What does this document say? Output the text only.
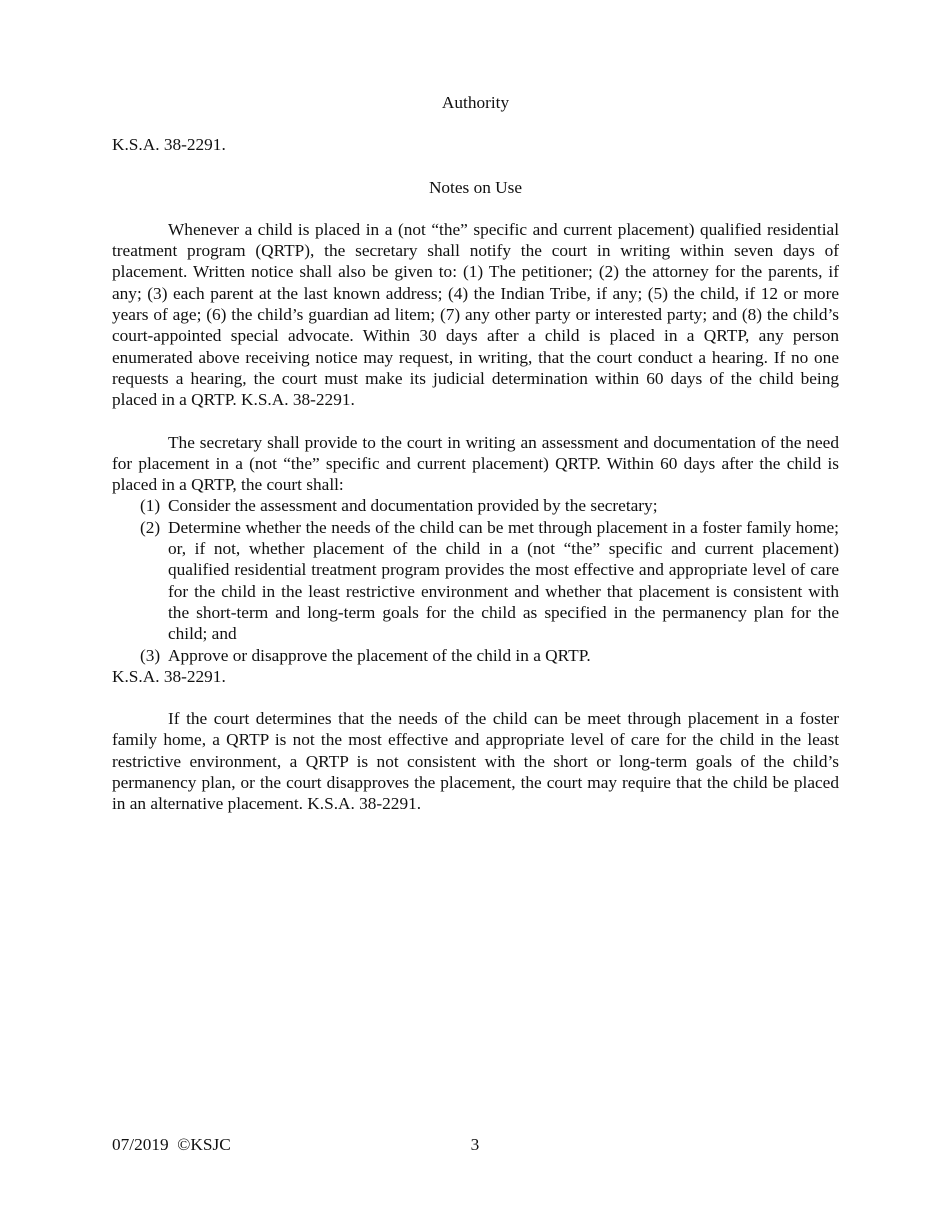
Authority

K.S.A. 38-2291.

Notes on Use

Whenever a child is placed in a (not “the” specific and current placement) qualified residential treatment program (QRTP), the secretary shall notify the court in writing within seven days of placement. Written notice shall also be given to: (1) The petitioner; (2) the attorney for the parents, if any; (3) each parent at the last known address; (4) the Indian Tribe, if any; (5) the child, if 12 or more years of age; (6) the child’s guardian ad litem; (7) any other party or interested party; and (8) the child’s court-appointed special advocate. Within 30 days after a child is placed in a QRTP, any person enumerated above receiving notice may request, in writing, that the court conduct a hearing. If no one requests a hearing, the court must make its judicial determination within 60 days of the child being placed in a QRTP. K.S.A. 38-2291.

The secretary shall provide to the court in writing an assessment and documentation of the need for placement in a (not “the” specific and current placement) QRTP. Within 60 days after the child is placed in a QRTP, the court shall:

(1) Consider the assessment and documentation provided by the secretary;
(2) Determine whether the needs of the child can be met through placement in a foster family home; or, if not, whether placement of the child in a (not “the” specific and current placement) qualified residential treatment program provides the most effective and appropriate level of care for the child in the least restrictive environment and whether that placement is consistent with the short-term and long-term goals for the child as specified in the permanency plan for the child; and
(3) Approve or disapprove the placement of the child in a QRTP.

K.S.A. 38-2291.

If the court determines that the needs of the child can be meet through placement in a foster family home, a QRTP is not the most effective and appropriate level of care for the child in the least restrictive environment, a QRTP is not consistent with the short or long-term goals of the child’s permanency plan, or the court disapproves the placement, the court may require that the child be placed in an alternative placement. K.S.A. 38-2291.

07/2019  ©KSJC	3
